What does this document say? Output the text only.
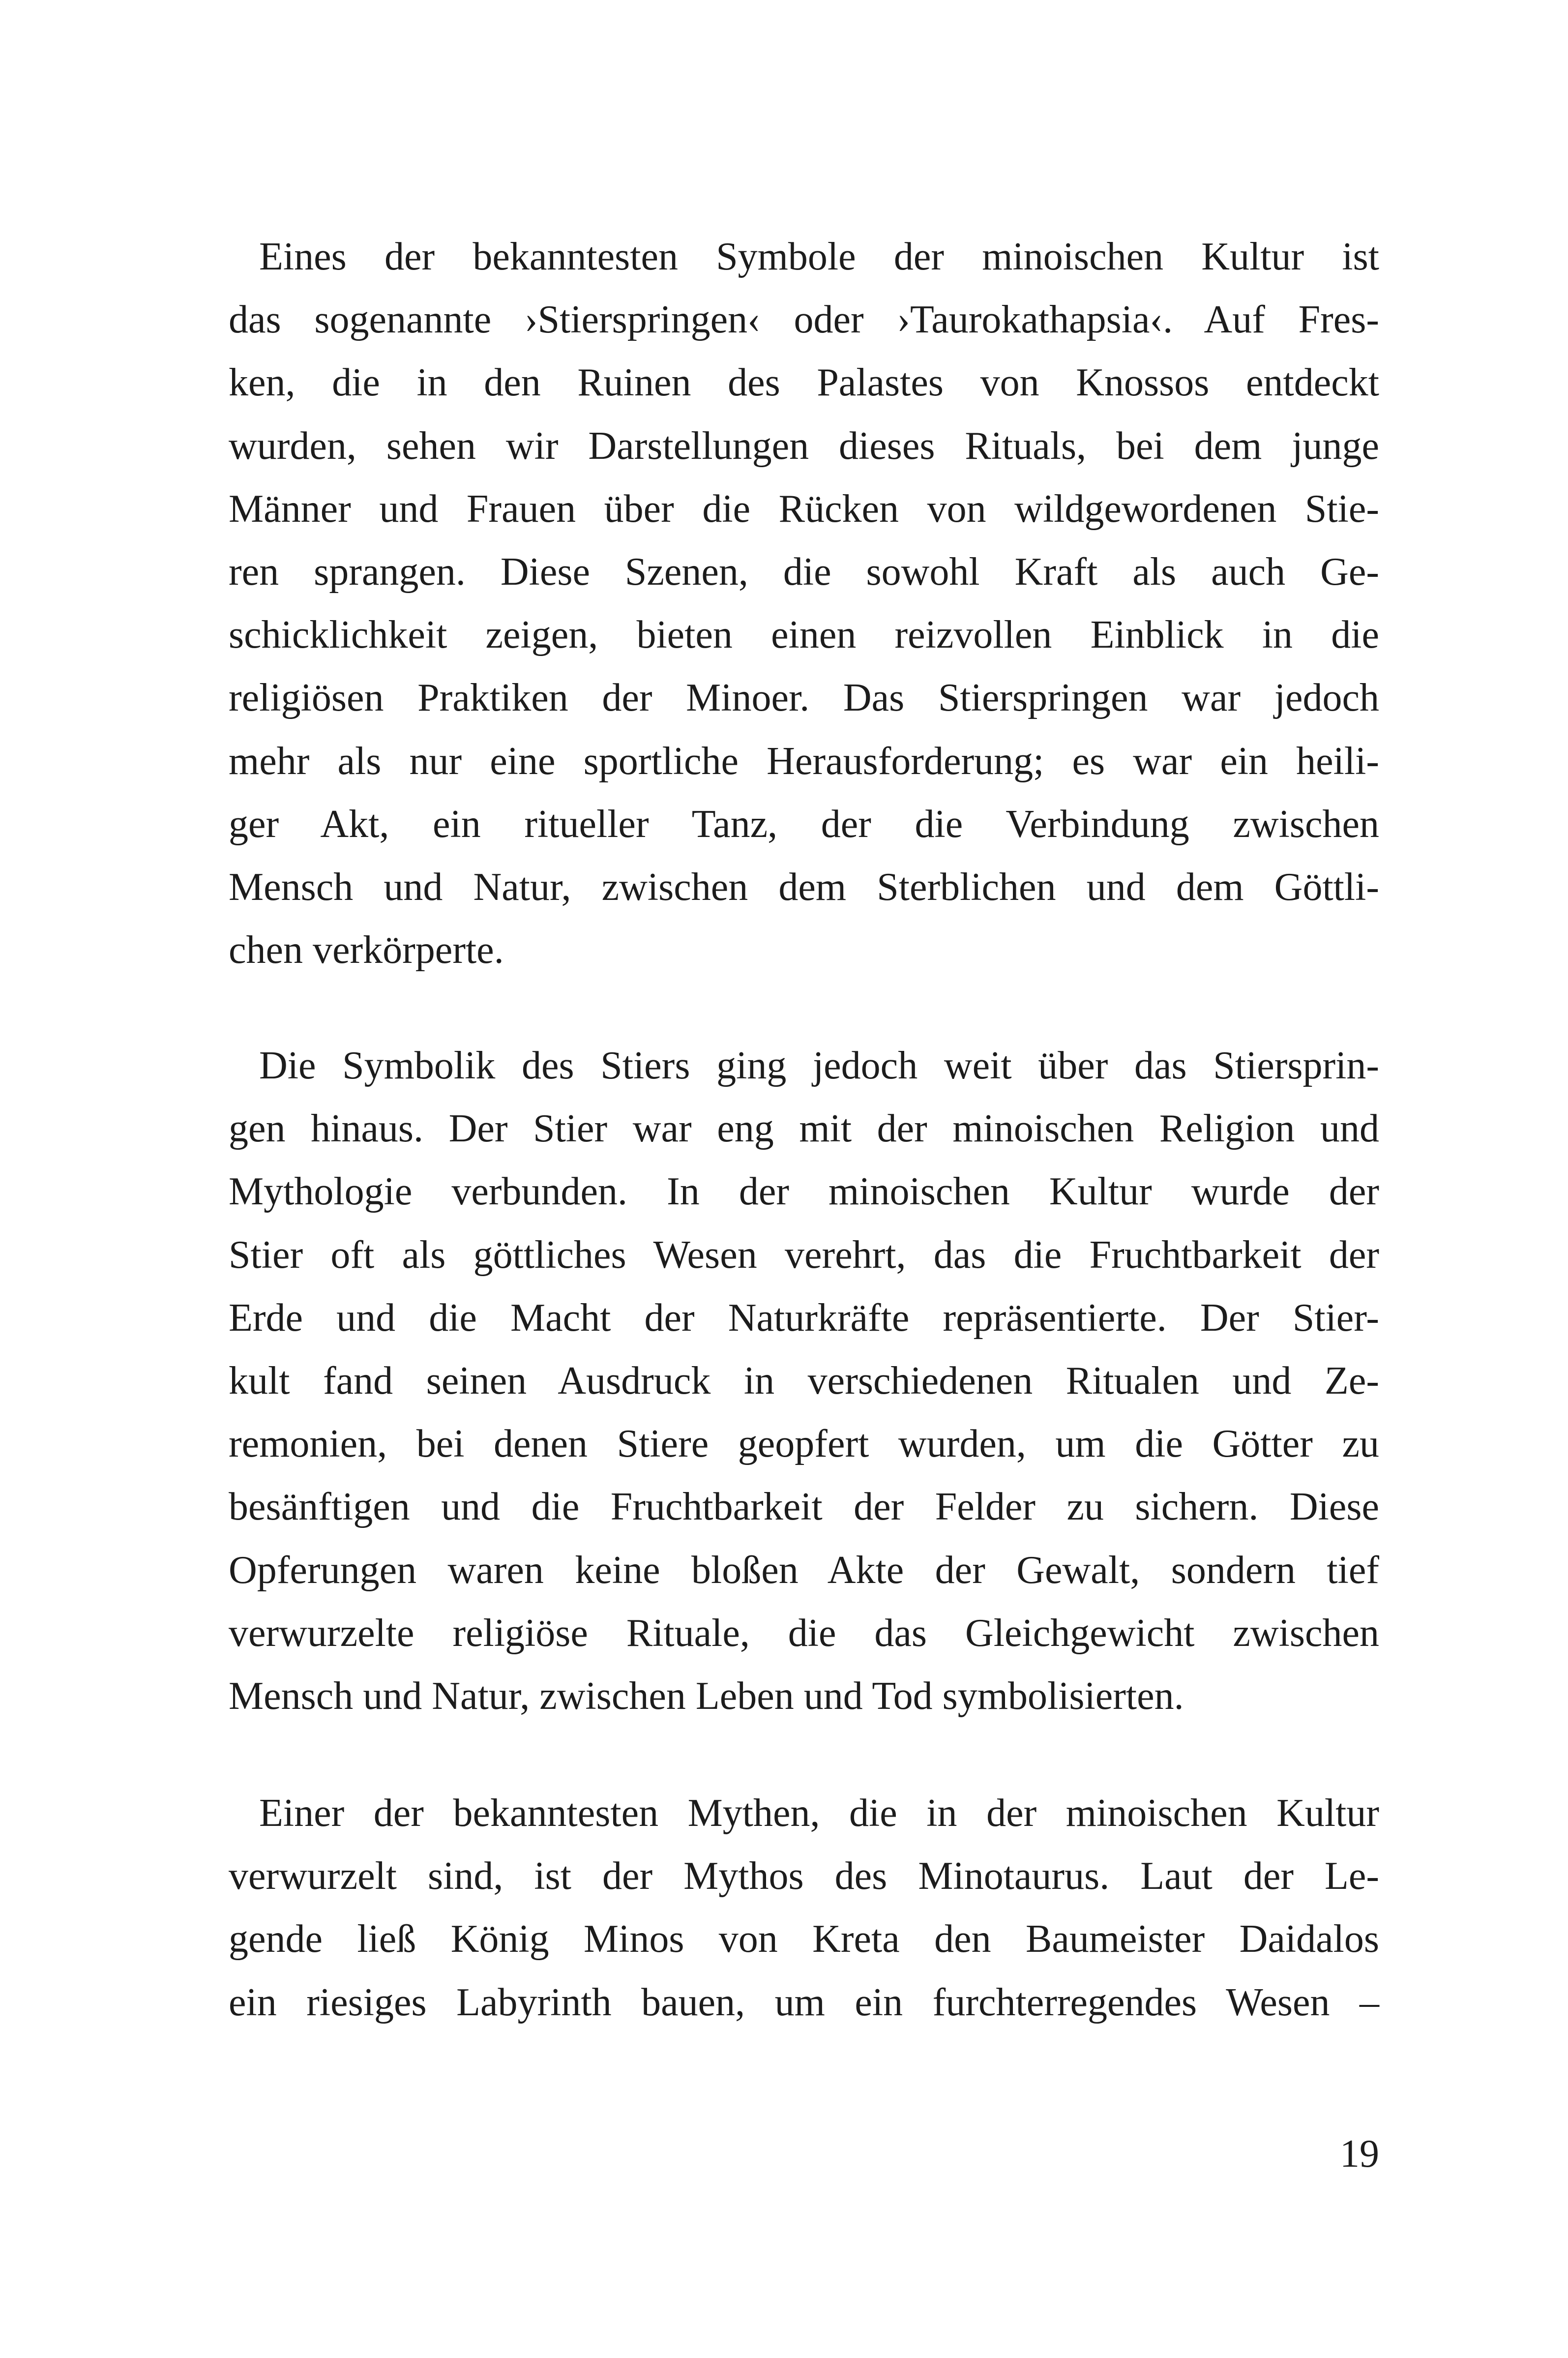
Eines der bekanntesten Symbole der minoischen Kultur ist
das sogenannte ›Stierspringen‹ oder ›Taurokathapsia‹. Auf Fres-
ken, die in den Ruinen des Palastes von Knossos entdeckt
wurden, sehen wir Darstellungen dieses Rituals, bei dem junge
Männer und Frauen über die Rücken von wildgewordenen Stie-
ren sprangen. Diese Szenen, die sowohl Kraft als auch Ge-
schicklichkeit zeigen, bieten einen reizvollen Einblick in die
religiösen Praktiken der Minoer. Das Stierspringen war jedoch
mehr als nur eine sportliche Herausforderung; es war ein heili-
ger Akt, ein ritueller Tanz, der die Verbindung zwischen
Mensch und Natur, zwischen dem Sterblichen und dem Göttli-
chen verkörperte.
Die Symbolik des Stiers ging jedoch weit über das Stiersprin-
gen hinaus. Der Stier war eng mit der minoischen Religion und
Mythologie verbunden. In der minoischen Kultur wurde der
Stier oft als göttliches Wesen verehrt, das die Fruchtbarkeit der
Erde und die Macht der Naturkräfte repräsentierte. Der Stier-
kult fand seinen Ausdruck in verschiedenen Ritualen und Ze-
remonien, bei denen Stiere geopfert wurden, um die Götter zu
besänftigen und die Fruchtbarkeit der Felder zu sichern. Diese
Opferungen waren keine bloßen Akte der Gewalt, sondern tief
verwurzelte religiöse Rituale, die das Gleichgewicht zwischen
Mensch und Natur, zwischen Leben und Tod symbolisierten.
Einer der bekanntesten Mythen, die in der minoischen Kultur
verwurzelt sind, ist der Mythos des Minotaurus. Laut der Le-
gende ließ König Minos von Kreta den Baumeister Daidalos
ein riesiges Labyrinth bauen, um ein furchterregendes Wesen –
19
